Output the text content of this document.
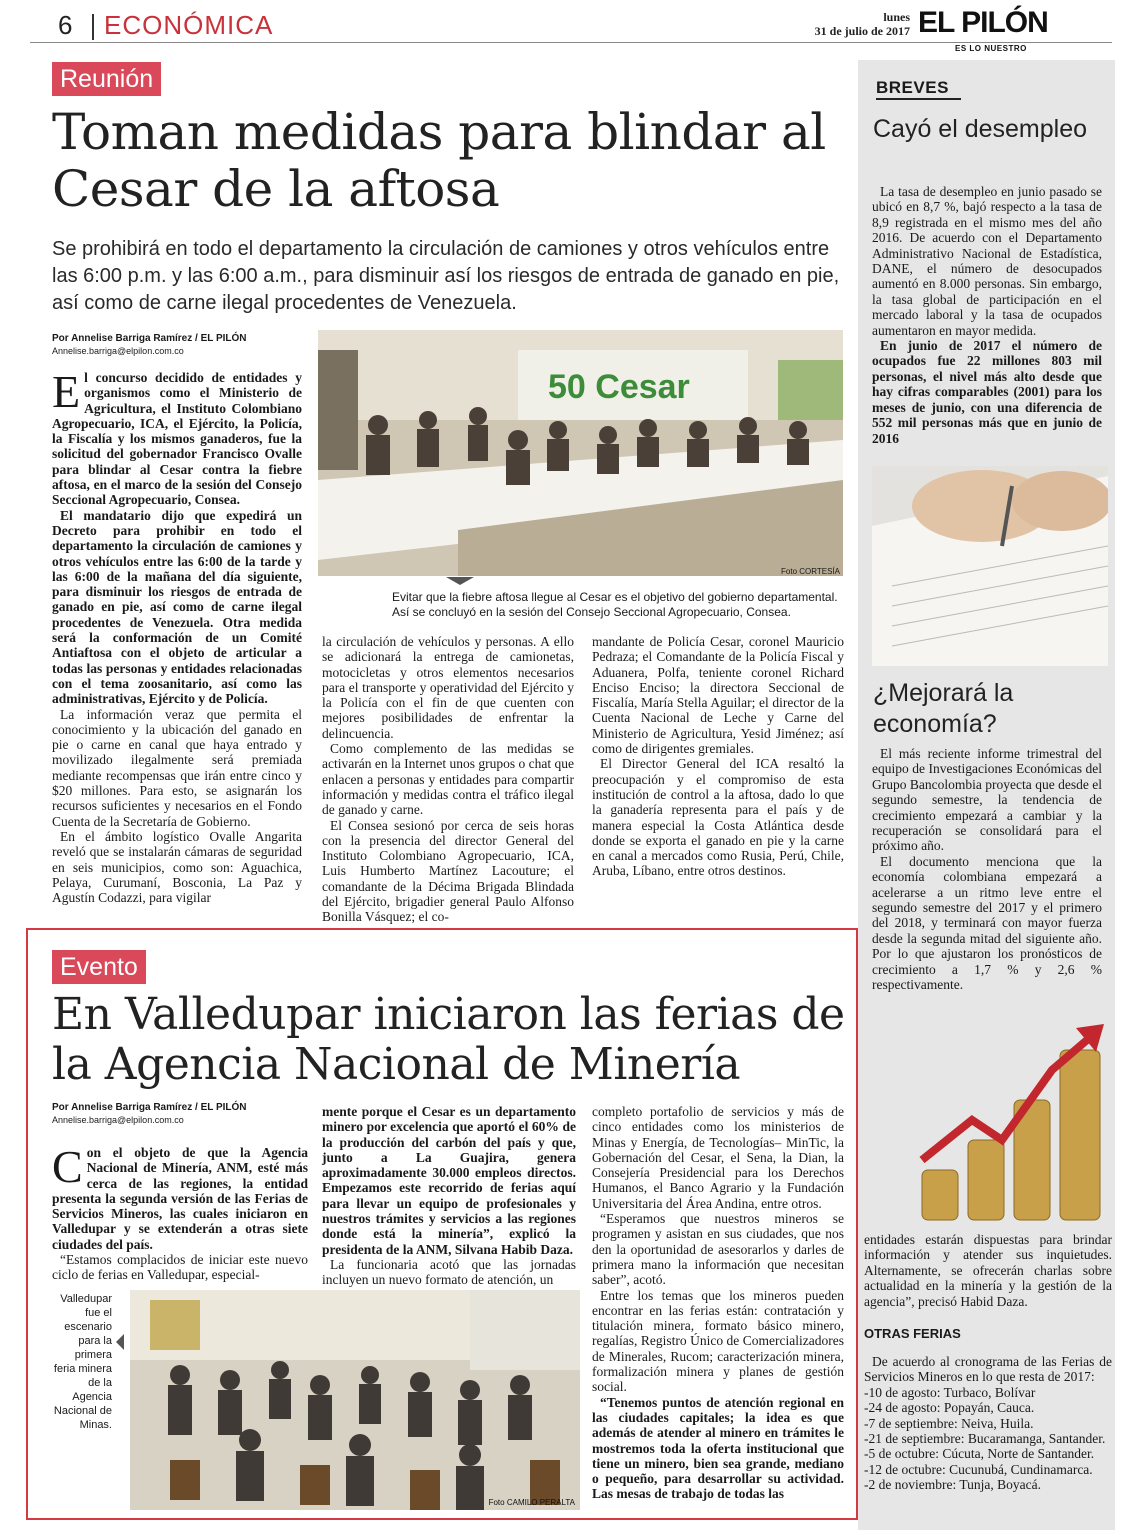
6 ECONÓMICA	lunes
31 de julio de 2017 EL PILÓN
ES LO NUESTRO
Reunión
Toman medidas para blindar al Cesar de la aftosa
Se prohibirá en todo el departamento la circulación de camiones y otros vehículos entre las 6:00 p.m. y las 6:00 a.m., para disminuir así los riesgos de entrada de ganado en pie, así como de carne ilegal procedentes de Venezuela.
Por Annelise Barriga Ramírez / EL PILÓN
Annelise.barriga@elpilon.com.co
50 Cesar
Foto CORTESÍA
Evitar que la fiebre aftosa llegue al Cesar es el objetivo del gobierno departamental. Así se concluyó en la sesión del Consejo Seccional Agropecuario, Consea.
E l concurso decidido de entidades y organismos como el Ministerio de Agricultura, el Instituto Colombiano Agropecuario, ICA, el Ejército, la Policía, la Fiscalía y los mismos ganaderos, fue la solicitud del gobernador Francisco Ovalle para blindar al Cesar contra la fiebre aftosa, en el marco de la sesión del Consejo Seccional Agropecuario, Consea.

El mandatario dijo que expedirá un Decreto para prohibir en todo el departamento la circulación de camiones y otros vehículos entre las 6:00 de la tarde y las 6:00 de la mañana del día siguiente, para disminuir los riesgos de entrada de ganado en pie, así como de carne ilegal procedentes de Venezuela. Otra medida será la conformación de un Comité Antiaftosa con el objeto de articular a todas las personas y entidades relacionadas con el tema zoosanitario, así como las administrativas, Ejército y de Policía.

La información veraz que permita el conocimiento y la ubicación del ganado en pie o carne en canal que haya entrado y movilizado ilegalmente será premiada mediante recompensas que irán entre cinco y $20 millones. Para esto, se asignarán los recursos suficientes y necesarios en el Fondo Cuenta de la Secretaría de Gobierno.

En el ámbito logístico Ovalle Angarita reveló que se instalarán cámaras de seguridad en seis municipios, como son: Aguachica, Pelaya, Curumaní, Bosconia, La Paz y Agustín Codazzi, para vigilar

la circulación de vehículos y personas. A ello se adicionará la entrega de camionetas, motocicletas y otros elementos necesarios para el transporte y operatividad del Ejército y la Policía con el fin de que cuenten con mejores posibilidades de enfrentar la delincuencia.

Como complemento de las medidas se activarán en la Internet unos grupos o chat que enlacen a personas y entidades para compartir información y medidas contra el tráfico ilegal de ganado y carne.

El Consea sesionó por cerca de seis horas con la presencia del director General del Instituto Colombiano Agropecuario, ICA, Luis Humberto Martínez Lacouture; el comandante de la Décima Brigada Blindada del Ejército, brigadier general Paulo Alfonso Bonilla Vásquez; el co-

mandante de Policía Cesar, coronel Mauricio Pedraza; el Comandante de la Policía Fiscal y Aduanera, Polfa, teniente coronel Richard Enciso Enciso; la directora Seccional de Fiscalía, María Stella Aguilar; el director de la Cuenta Nacional de Leche y Carne del Ministerio de Agricultura, Yesid Jiménez; así como de dirigentes gremiales.

El Director General del ICA resaltó la preocupación y el compromiso de esta institución de control a la aftosa, dado lo que la ganadería representa para el país y de manera especial la Costa Atlántica desde donde se exporta el ganado en pie y la carne en canal a mercados como Rusia, Perú, Chile, Aruba, Líbano, entre otros destinos.

Evento
En Valledupar iniciaron las ferias de la Agencia Nacional de Minería
Por Annelise Barriga Ramírez / EL PILÓN
Annelise.barriga@elpilon.com.co
C on el objeto de que la Agencia Nacional de Minería, ANM, esté más cerca de las regiones, la entidad presenta la segunda versión de las Ferias de Servicios Mineros, las cuales iniciaron en Valledupar y se extenderán a otras siete ciudades del país.

“Estamos complacidos de iniciar este nuevo ciclo de ferias en Valledupar, especial-

mente porque el Cesar es un departamento minero por excelencia que aportó el 60% de la producción del carbón del país y que, junto a La Guajira, genera aproximadamente 30.000 empleos directos. Empezamos este recorrido de ferias aquí para llevar un equipo de profesionales y nuestros trámites y servicios a las regiones donde está la minería”, explicó la presidenta de la ANM, Silvana Habib Daza.

La funcionaria acotó que las jornadas incluyen un nuevo formato de atención, un

completo portafolio de servicios y más de cinco entidades como los ministerios de Minas y Energía, de Tecnologías– MinTic, la Gobernación del Cesar, el Sena, la Dian, la Consejería Presidencial para los Derechos Humanos, el Banco Agrario y la Fundación Universitaria del Área Andina, entre otros.

“Esperamos que nuestros mineros se programen y asistan en sus ciudades, que nos den la oportunidad de asesorarlos y darles de primera mano la información que necesitan saber”, acotó.

Entre los temas que los mineros pueden encontrar en las ferias están: contratación y titulación minera, formato básico minero, regalías, Registro Único de Comercializadores de Minerales, Rucom; caracterización minera, formalización minera y planes de gestión social.

“Tenemos puntos de atención regional en las ciudades capitales; la idea es que además de atender al minero en trámites le mostremos toda la oferta institucional que tiene un minero, bien sea grande, mediano o pequeño, para desarrollar su actividad. Las mesas de trabajo de todas las

Valledupar fue el escenario para la primera feria minera de la Agencia Nacional de Minas.
Foto CAMILO PERALTA
BREVES
Cayó el desempleo

La tasa de desempleo en junio pasado se ubicó en 8,7 %, bajó respecto a la tasa de 8,9 registrada en el mismo mes del año 2016. De acuerdo con el Departamento Administrativo Nacional de Estadística, DANE, el número de desocupados aumentó en 8.000 personas. Sin embargo, la tasa global de participación en el mercado laboral y la tasa de ocupados aumentaron en mayor medida.

En junio de 2017 el número de ocupados fue 22 millones 803 mil personas, el nivel más alto desde que hay cifras comparables (2001) para los meses de junio, con una diferencia de 552 mil personas más que en junio de 2016

¿Mejorará la economía?

El más reciente informe trimestral del equipo de Investigaciones Económicas del Grupo Bancolombia proyecta que desde el segundo semestre, la tendencia de crecimiento empezará a cambiar y la recuperación se consolidará para el próximo año.

El documento menciona que la economía colombiana empezará a acelerarse a un ritmo leve entre el segundo semestre del 2017 y el primero del 2018, y terminará con mayor fuerza desde la segunda mitad del siguiente año. Por lo que ajustaron los pronósticos de crecimiento a 1,7 % y 2,6 % respectivamente.

entidades estarán dispuestas para brindar información y atender sus inquietudes. Alternamente, se ofrecerán charlas sobre actualidad en la minería y la gestión de la agencia”, precisó Habid Daza.

OTRAS FERIAS

De acuerdo al cronograma de las Ferias de Servicios Mineros en lo que resta de 2017:

-10 de agosto: Turbaco, Bolívar
-24 de agosto: Popayán, Cauca.
-7 de septiembre: Neiva, Huila.
-21 de septiembre: Bucaramanga, Santander.
-5 de octubre: Cúcuta, Norte de Santander.
-12 de octubre: Cucunubá, Cundinamarca.
-2 de noviembre: Tunja, Boyacá.
